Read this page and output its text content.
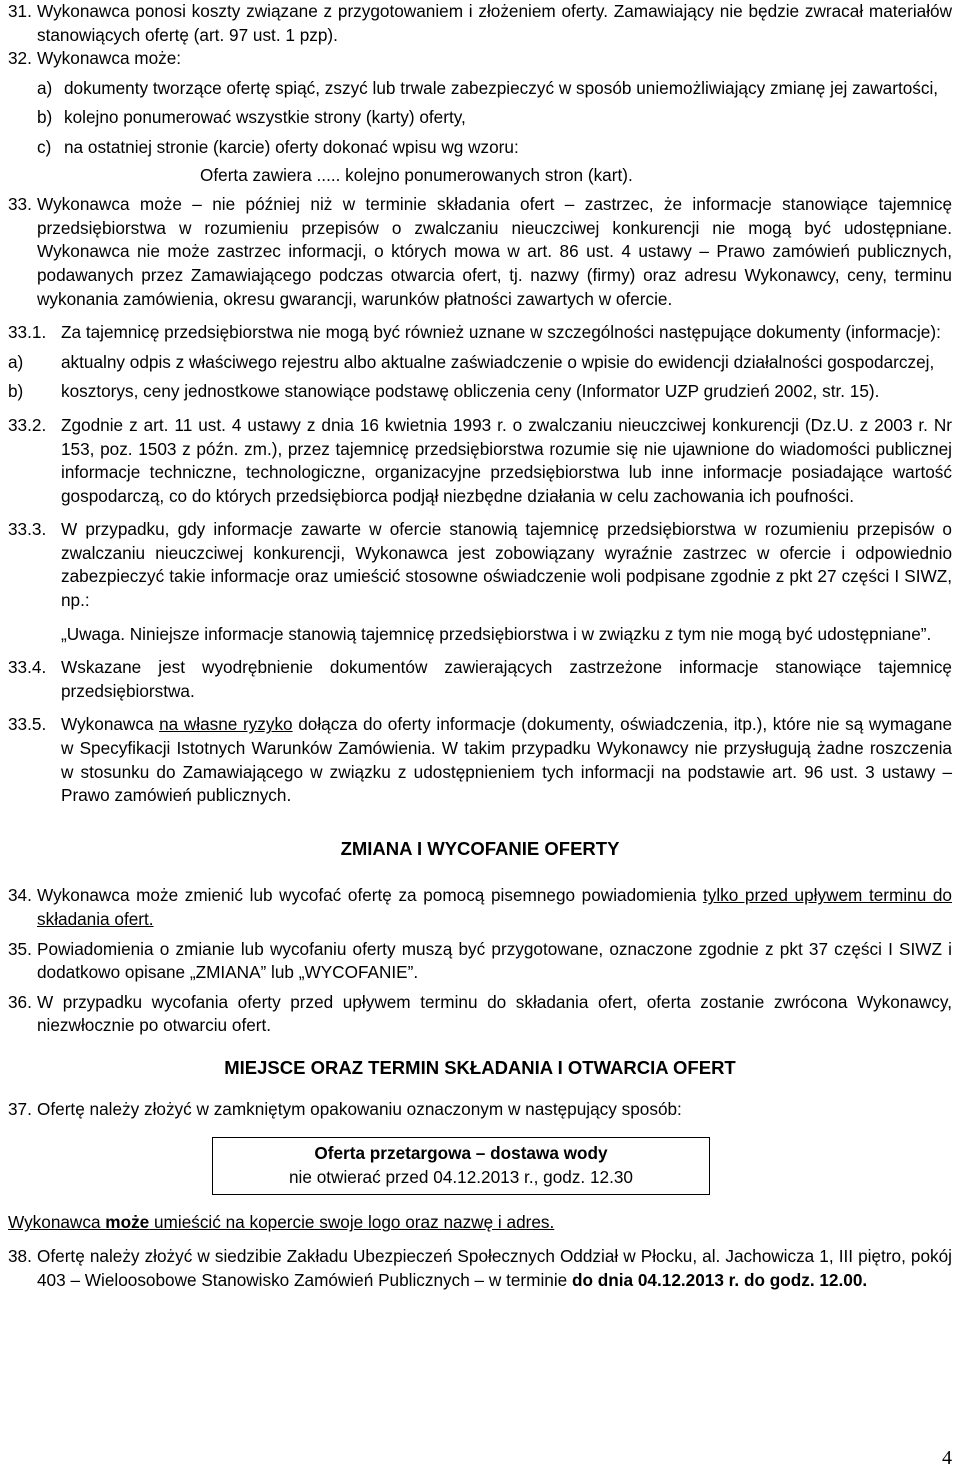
31. Wykonawca ponosi koszty związane z przygotowaniem i złożeniem oferty. Zamawiający nie będzie zwracał materiałów stanowiących ofertę (art. 97 ust. 1 pzp).

32. Wykonawca może:

a) dokumenty tworzące ofertę spiąć, zszyć lub trwale zabezpieczyć w sposób uniemożliwiający zmianę jej zawartości,

b) kolejno ponumerować wszystkie strony (karty) oferty,

c) na ostatniej stronie (karcie) oferty dokonać wpisu wg wzoru:

Oferta zawiera ..... kolejno ponumerowanych stron (kart).

33. Wykonawca może – nie później niż w terminie składania ofert – zastrzec, że informacje stanowiące tajemnicę przedsiębiorstwa w rozumieniu przepisów o zwalczaniu nieuczciwej konkurencji nie mogą być udostępniane. Wykonawca nie może zastrzec informacji, o których mowa w art. 86 ust. 4 ustawy – Prawo zamówień publicznych, podawanych przez Zamawiającego podczas otwarcia ofert, tj. nazwy (firmy) oraz adresu Wykonawcy, ceny, terminu wykonania zamówienia, okresu gwarancji, warunków płatności zawartych w ofercie.

33.1. Za tajemnicę przedsiębiorstwa nie mogą być również uznane w szczególności następujące dokumenty (informacje):

a)	aktualny odpis z właściwego rejestru albo aktualne zaświadczenie o wpisie do ewidencji działalności gospodarczej,

b)	kosztorys, ceny jednostkowe stanowiące podstawę obliczenia ceny (Informator UZP grudzień 2002, str. 15).

33.2. Zgodnie z art. 11 ust. 4 ustawy z dnia 16 kwietnia 1993 r. o zwalczaniu nieuczciwej konkurencji (Dz.U. z 2003 r. Nr 153, poz. 1503 z późn. zm.), przez tajemnicę przedsiębiorstwa rozumie się nie ujawnione do wiadomości publicznej informacje techniczne, technologiczne, organizacyjne przedsiębiorstwa lub inne informacje posiadające wartość gospodarczą, co do których przedsiębiorca podjął niezbędne działania w celu zachowania ich poufności.

33.3. W przypadku, gdy informacje zawarte w ofercie stanowią tajemnicę przedsiębiorstwa w rozumieniu przepisów o zwalczaniu nieuczciwej konkurencji, Wykonawca jest zobowiązany wyraźnie zastrzec w ofercie i odpowiednio zabezpieczyć takie informacje oraz umieścić stosowne oświadczenie woli podpisane zgodnie z pkt 27 części I SIWZ, np.:

„Uwaga. Niniejsze informacje stanowią tajemnicę przedsiębiorstwa i w związku z tym nie mogą być udostępniane”.

33.4. Wskazane jest wyodrębnienie dokumentów zawierających zastrzeżone informacje stanowiące tajemnicę przedsiębiorstwa.

33.5. Wykonawca na własne ryzyko dołącza do oferty informacje (dokumenty, oświadczenia, itp.), które nie są wymagane w Specyfikacji Istotnych Warunków Zamówienia. W takim przypadku Wykonawcy nie przysługują żadne roszczenia w stosunku do Zamawiającego w związku z udostępnieniem tych informacji na podstawie art. 96 ust. 3 ustawy – Prawo zamówień publicznych.

ZMIANA I WYCOFANIE OFERTY

34. Wykonawca może zmienić lub wycofać ofertę za pomocą pisemnego powiadomienia tylko przed upływem terminu do składania ofert.

35. Powiadomienia o zmianie lub wycofaniu oferty muszą być przygotowane, oznaczone zgodnie z pkt 37 części I SIWZ i dodatkowo opisane „ZMIANA” lub „WYCOFANIE”.

36. W przypadku wycofania oferty przed upływem terminu do składania ofert, oferta zostanie zwrócona Wykonawcy, niezwłocznie po otwarciu ofert.

MIEJSCE ORAZ TERMIN SKŁADANIA I OTWARCIA OFERT

37. Ofertę należy złożyć w zamkniętym opakowaniu oznaczonym w następujący sposób:

Oferta przetargowa – dostawa wody

nie otwierać przed 04.12.2013 r., godz. 12.30

Wykonawca może umieścić na kopercie swoje logo oraz nazwę i adres.

38. Ofertę należy złożyć w siedzibie Zakładu Ubezpieczeń Społecznych Oddział w Płocku, al. Jachowicza 1, III piętro, pokój 403 – Wieloosobowe Stanowisko Zamówień Publicznych – w terminie do dnia 04.12.2013 r. do godz. 12.00.

4
